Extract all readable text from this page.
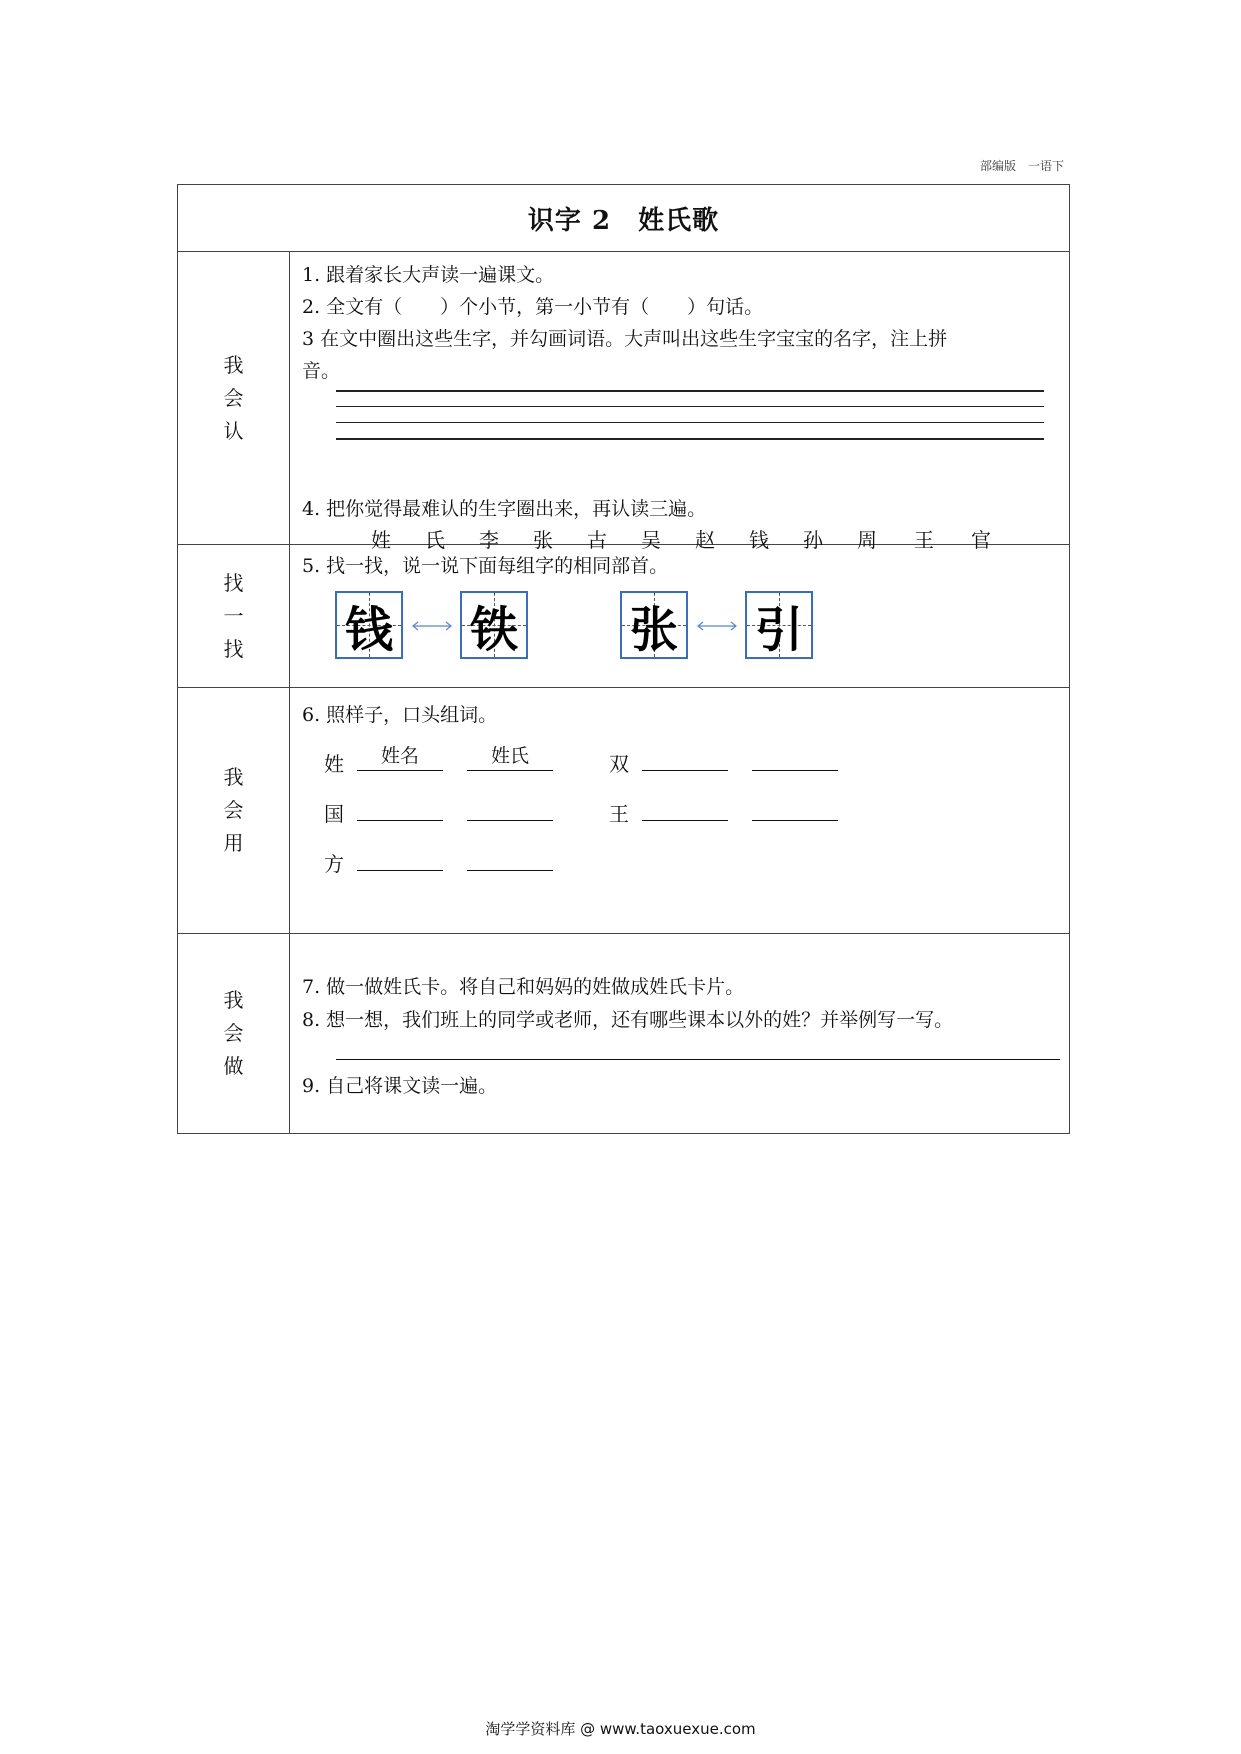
部编版　一语下
识字 2　姓氏歌
我
会
认
1. 跟着家长大声读一遍课文。
2. 全文有（　　）个小节，第一小节有（　　）句话。
3 在文中圈出这些生字，并勾画词语。大声叫出这些生字宝宝的名字，注上拼
音。
姓	氏	李	张	古	吴	赵	钱	孙	周	王	官
4. 把你觉得最难认的生字圈出来，再认读三遍。
找
一
找
5. 找一找，说一说下面每组字的相同部首。
钱 铁 张 引
我
会
用
6. 照样子，口头组词。
姓	姓名	姓氏	双
国	王
方
我
会
做
7. 做一做姓氏卡。将自己和妈妈的姓做成姓氏卡片。
8. 想一想，我们班上的同学或老师，还有哪些课本以外的姓？并举例写一写。
9. 自己将课文读一遍。
淘学学资料库 @ www.taoxuexue.com
